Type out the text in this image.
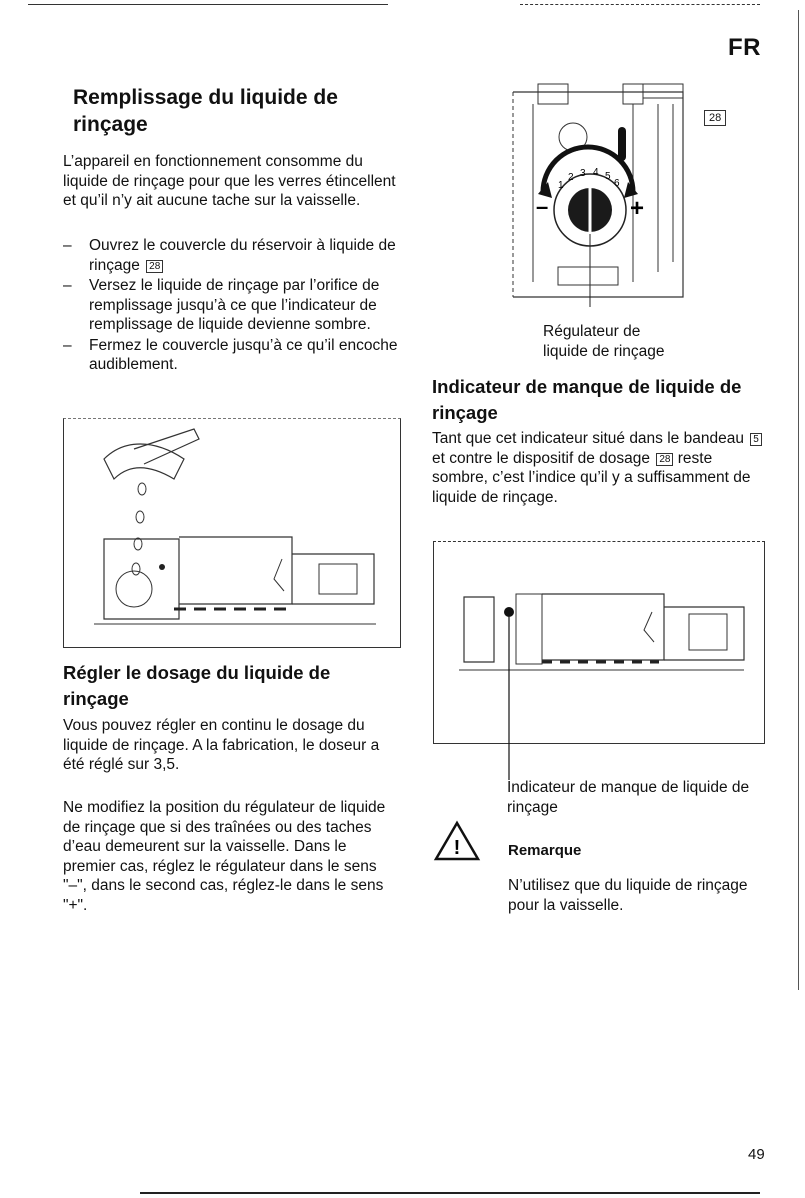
FR
Remplissage du liquide de rinçage
L’appareil en fonctionnement consomme du liquide de rinçage pour que les verres étincellent et qu’il n’y ait aucune tache sur la vaisselle.
– Ouvrez le couvercle du réservoir à liquide de rinçage 28
– Versez le liquide de rinçage par l’orifice de remplissage jusqu’à ce que l’indicateur de remplissage de liquide devienne sombre.
– Fermez le couvercle jusqu’à ce qu’il encoche audiblement.
Régler le dosage du liquide de rinçage
Vous pouvez régler en continu le dosage du liquide de rinçage. A la fabrication, le doseur a été réglé sur 3,5.
Ne modifiez la position du régulateur de liquide de rinçage que si des traînées ou des taches d’eau demeurent sur la vaisselle. Dans le premier cas, réglez le régulateur dans le sens "–", dans le second cas, réglez-le dans le sens "+".
1
2 3 4 5
6
–	+
28
Régulateur de
liquide de rinçage
Indicateur de manque de liquide de rinçage
Tant que cet indicateur situé dans le bandeau 5 et contre le dispositif de dosage 28 reste sombre, c’est l’indice qu’il y a suffisamment de liquide de rinçage.
Indicateur de manque de liquide de rinçage
!	Remarque
N’utilisez que du liquide de rinçage pour la vaisselle.
49
